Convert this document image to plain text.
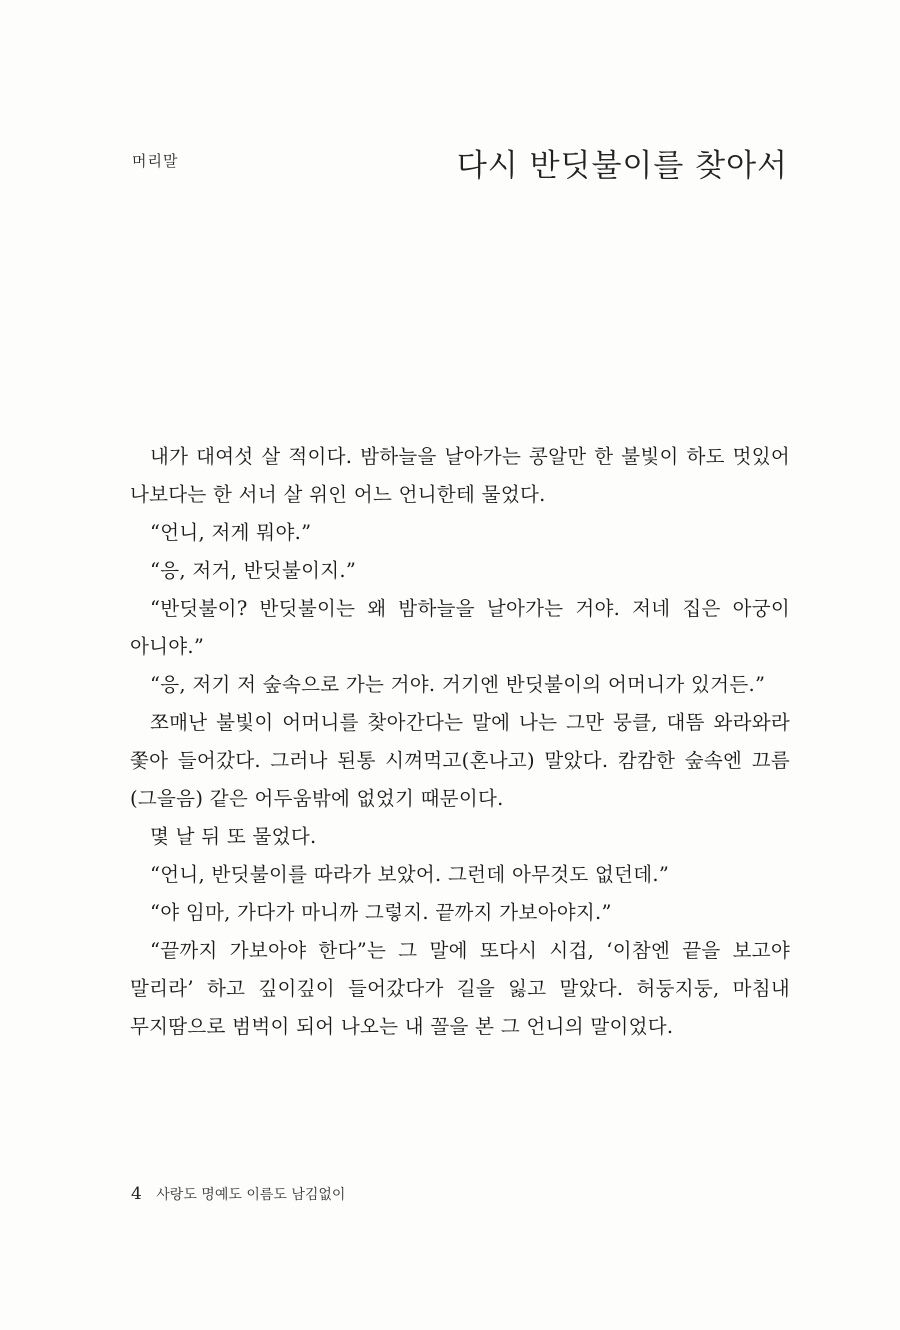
머리말	다시 반딧불이를 찾아서

내가 대여섯 살 적이다. 밤하늘을 날아가는 콩알만 한 불빛이 하도 멋있어 나보다는 한 서너 살 위인 어느 언니한테 물었다.

“언니, 저게 뭐야.”

“응, 저거, 반딧불이지.”

“반딧불이? 반딧불이는 왜 밤하늘을 날아가는 거야. 저네 집은 아궁이 아니야.”

“응, 저기 저 숲속으로 가는 거야. 거기엔 반딧불이의 어머니가 있거든.”

쪼매난 불빛이 어머니를 찾아간다는 말에 나는 그만 뭉클, 대뜸 와라와라 쫓아 들어갔다. 그러나 된통 시껴먹고(혼나고) 말았다. 캄캄한 숲속엔 끄름(그을음) 같은 어두움밖에 없었기 때문이다.

몇 날 뒤 또 물었다.

“언니, 반딧불이를 따라가 보았어. 그런데 아무것도 없던데.”

“야 임마, 가다가 마니까 그렇지. 끝까지 가보아야지.”

“끝까지 가보아야 한다”는 그 말에 또다시 시겁, ‘이참엔 끝을 보고야 말리라’ 하고 깊이깊이 들어갔다가 길을 잃고 말았다. 허둥지둥, 마침내 무지땀으로 범벅이 되어 나오는 내 꼴을 본 그 언니의 말이었다.

4 사랑도 명예도 이름도 남김없이
